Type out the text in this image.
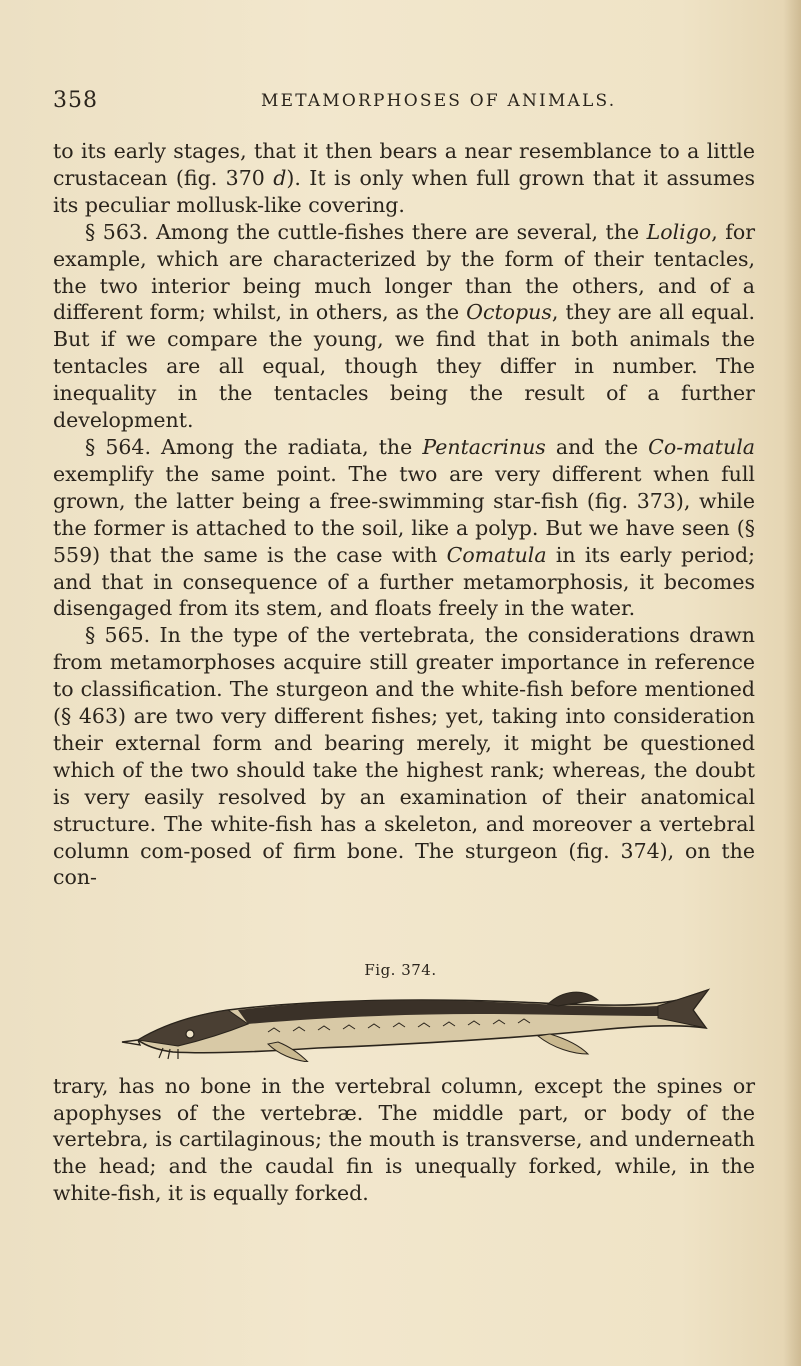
358	METAMORPHOSES OF ANIMALS.

to its early stages, that it then bears a near resemblance to a little crustacean (fig. 370 d). It is only when full grown that it assumes its peculiar mollusk-like covering.

§ 563. Among the cuttle-fishes there are several, the Loligo, for example, which are characterized by the form of their tentacles, the two interior being much longer than the others, and of a different form; whilst, in others, as the Octopus, they are all equal. But if we compare the young, we find that in both animals the tentacles are all equal, though they differ in number. The inequality in the tentacles being the result of a further development.

§ 564. Among the radiata, the Pentacrinus and the Co-matula exemplify the same point. The two are very different when full grown, the latter being a free-swimming star-fish (fig. 373), while the former is attached to the soil, like a polyp. But we have seen (§ 559) that the same is the case with Comatula in its early period; and that in consequence of a further metamorphosis, it becomes disengaged from its stem, and floats freely in the water.

§ 565. In the type of the vertebrata, the considerations drawn from metamorphoses acquire still greater importance in reference to classification. The sturgeon and the white-fish before mentioned (§ 463) are two very different fishes; yet, taking into consideration their external form and bearing merely, it might be questioned which of the two should take the highest rank; whereas, the doubt is very easily resolved by an examination of their anatomical structure. The white-fish has a skeleton, and moreover a vertebral column com-posed of firm bone. The sturgeon (fig. 374), on the con-

Fig. 374.

trary, has no bone in the vertebral column, except the spines or apophyses of the vertebræ. The middle part, or body of the vertebra, is cartilaginous; the mouth is transverse, and underneath the head; and the caudal fin is unequally forked, while, in the white-fish, it is equally forked.
